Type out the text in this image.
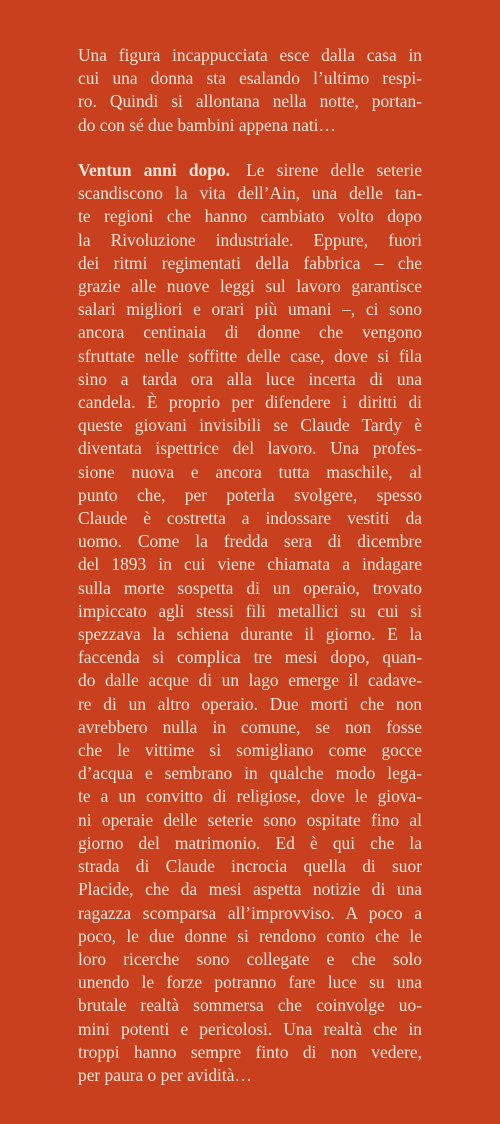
Una figura incappucciata esce dalla casa in
cui una donna sta esalando l’ultimo respi-
ro. Quindi si allontana nella notte, portan-
do con sé due bambini appena nati…
Ventun anni dopo. Le sirene delle seterie
scandiscono la vita dell’Ain, una delle tan-
te regioni che hanno cambiato volto dopo
la Rivoluzione industriale. Eppure, fuori
dei ritmi regimentati della fabbrica – che
grazie alle nuove leggi sul lavoro garantisce
salari migliori e orari più umani –, ci sono
ancora centinaia di donne che vengono
sfruttate nelle soffitte delle case, dove si fila
sino a tarda ora alla luce incerta di una
candela. È proprio per difendere i diritti di
queste giovani invisibili se Claude Tardy è
diventata ispettrice del lavoro. Una profes-
sione nuova e ancora tutta maschile, al
punto che, per poterla svolgere, spesso
Claude è costretta a indossare vestiti da
uomo. Come la fredda sera di dicembre
del 1893 in cui viene chiamata a indagare
sulla morte sospetta di un operaio, trovato
impiccato agli stessi fili metallici su cui si
spezzava la schiena durante il giorno. E la
faccenda si complica tre mesi dopo, quan-
do dalle acque di un lago emerge il cadave-
re di un altro operaio. Due morti che non
avrebbero nulla in comune, se non fosse
che le vittime si somigliano come gocce
d’acqua e sembrano in qualche modo lega-
te a un convitto di religiose, dove le giova-
ni operaie delle seterie sono ospitate fino al
giorno del matrimonio. Ed è qui che la
strada di Claude incrocia quella di suor
Placide, che da mesi aspetta notizie di una
ragazza scomparsa all’improvviso. A poco a
poco, le due donne si rendono conto che le
loro ricerche sono collegate e che solo
unendo le forze potranno fare luce su una
brutale realtà sommersa che coinvolge uo-
mini potenti e pericolosi. Una realtà che in
troppi hanno sempre finto di non vedere,
per paura o per avidità…
